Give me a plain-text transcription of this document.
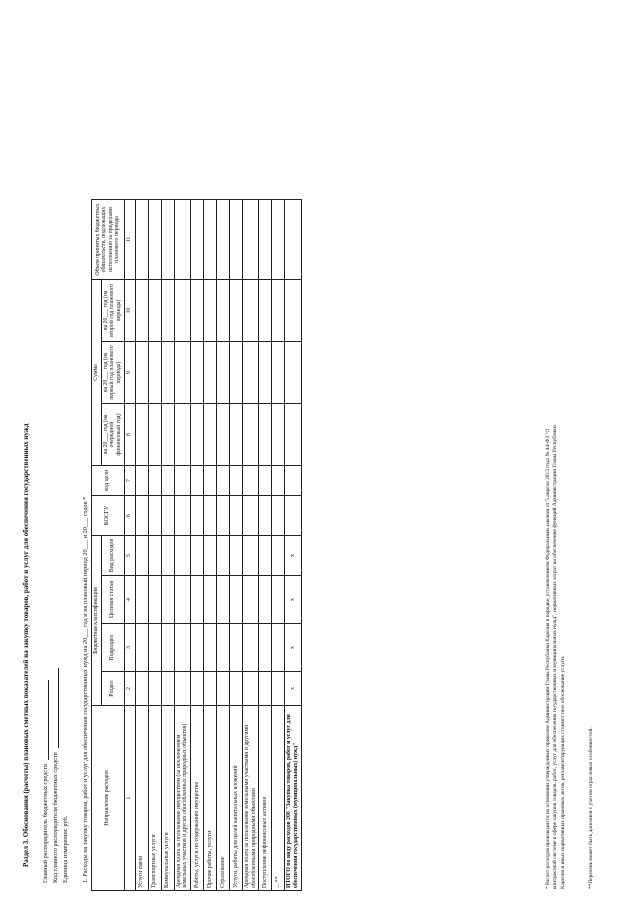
Раздел 3. Обоснования (расчеты) плановых сметных показателей на закупку товаров, работ и услуг для обеспечения государственных нужд Главный распорядитель бюджетных средств Код главного распорядителя бюджетных средств Единица измерения: руб. 1. Расходы на закупку товаров, работ и услуг для обеспечения государственных нужд на 20___ год и на плановый период 20___ и 20___ годов *	Направление расходов	Бюджетная классификация				КОСГУ	код цели	Сумма			Объем принятых бюджетных обязательств, подлежащих исполнению за пределами планового периода
	Раздел	Подраздел	Целевая статья	Вид расходов			на 20___ год (на очередной финансовый год)	на 20___ год (на первый год планового периода)	на 20___ год (на второй год планового периода)	

1	2	3	4	5	6	7	8	9	10	11
Услуги связи										
Транспортные услуги										
Коммунальные услуги										
Арендная плата за пользование имуществом (за исключением земельных участков и других обособленных природных объектов)										
Работы, услуги по содержанию имущества										
Прочие работы, услуги										
Страхование										
Услуги, работы для целей капитальных вложений										
Арендная плата за пользование земельными участками и другими обособленными природными объектами										
Поступление нефинансовых активов										
…**										
ИТОГО по виду расходов 200 "Закупка товаров, работ и услуг для обеспечения государственных (муниципальных) нужд"	х	х	х	х							* Расчет расходов производится на основании утвержденных приказом Администрации Главы Республики Карелия в порядке, установленном Федеральным законом от 5 апреля 2013 года № 44-ФЗ "О контрактной системе в сфере закупок товаров, работ, услуг для обеспечения государственных и муниципальных нужд", нормативных затрат на обеспечение функций Администрации Главы Республики Карелия и иных нормативных правовых актов, регламентирующих стоимостное обоснование услуги.	**Перечень может быть дополнен с учетом отраслевых особенностей.
